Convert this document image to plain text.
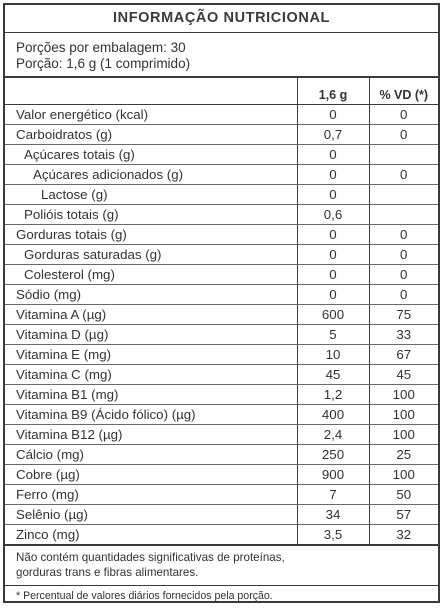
INFORMAÇÃO NUTRICIONAL
Porções por embalagem: 30
Porção: 1,6 g (1 comprimido)

	1,6 g	% VD (*)
Valor energético (kcal)	0	0
Carboidratos (g)	0,7	0
Açúcares totais (g)	0	
Açúcares adicionados (g)	0	0
Lactose (g)	0	
Polióis totais (g)	0,6	
Gorduras totais (g)	0	0
Gorduras saturadas (g)	0	0
Colesterol (mg)	0	0
Sódio (mg)	0	0
Vitamina A (µg)	600	75
Vitamina D (µg)	5	33
Vitamina E (mg)	10	67
Vitamina C (mg)	45	45
Vitamina B1 (mg)	1,2	100
Vitamina B9 (Ácido fólico) (µg)	400	100
Vitamina B12 (µg)	2,4	100
Cálcio (mg)	250	25
Cobre (µg)	900	100
Ferro (mg)	7	50
Selênio (µg)	34	57
Zinco (mg)	3,5	32
Não contém quantidades significativas de proteínas,
gorduras trans e fibras alimentares.
* Percentual de valores diários fornecidos pela porção.
